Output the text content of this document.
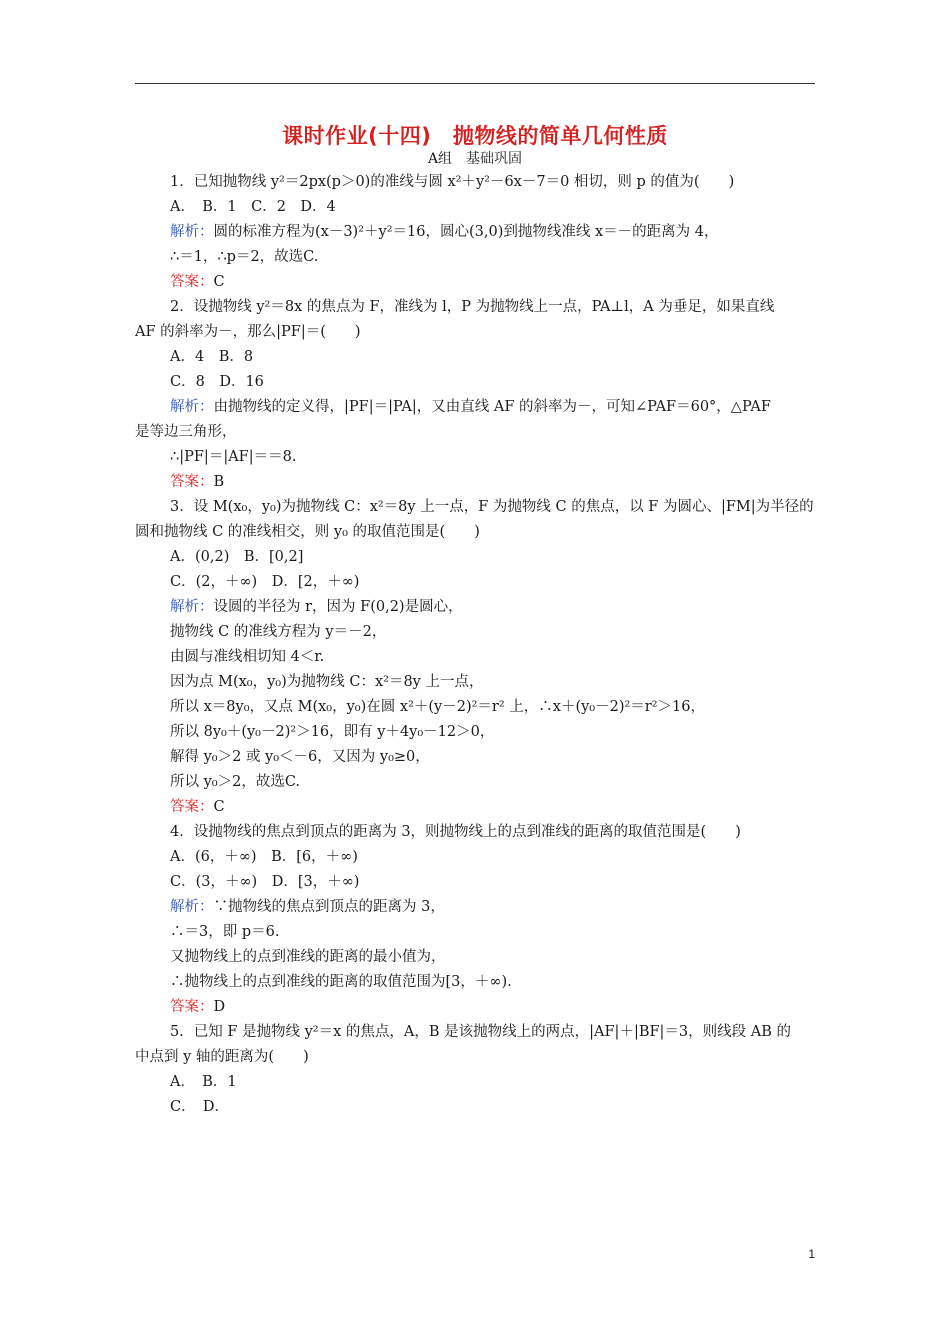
课时作业(十四)　抛物线的简单几何性质
A组　基础巩固
1．已知抛物线 y²＝2px(p＞0)的准线与圆 x²＋y²－6x－7＝0 相切，则 p 的值为(　　)
A．　B．1　C．2　D．4
解析：圆的标准方程为(x－3)²＋y²＝16，圆心(3,0)到抛物线准线 x＝－的距离为 4，
∴＝1，∴p＝2，故选C.
答案：C
2．设抛物线 y²＝8x 的焦点为 F，准线为 l，P 为抛物线上一点，PA⊥l，A 为垂足，如果直线
AF 的斜率为－，那么|PF|＝(　　)
A．4　B．8
C．8　D．16
解析：由抛物线的定义得，|PF|＝|PA|，又由直线 AF 的斜率为－，可知∠PAF＝60°，△PAF
是等边三角形，
∴|PF|＝|AF|＝＝8.
答案：B
3．设 M(x₀，y₀)为抛物线 C：x²＝8y 上一点，F 为抛物线 C 的焦点，以 F 为圆心、|FM|为半径的
圆和抛物线 C 的准线相交，则 y₀ 的取值范围是(　　)
A．(0,2)　B．[0,2]
C．(2，＋∞)　D．[2，＋∞)
解析：设圆的半径为 r，因为 F(0,2)是圆心，
抛物线 C 的准线方程为 y＝－2，
由圆与准线相切知 4＜r.
因为点 M(x₀，y₀)为抛物线 C：x²＝8y 上一点，
所以 x＝8y₀，又点 M(x₀，y₀)在圆 x²＋(y－2)²＝r² 上，∴x＋(y₀－2)²＝r²＞16，
所以 8y₀＋(y₀－2)²＞16，即有 y＋4y₀－12＞0，
解得 y₀＞2 或 y₀＜－6，又因为 y₀≥0，
所以 y₀＞2，故选C.
答案：C
4．设抛物线的焦点到顶点的距离为 3，则抛物线上的点到准线的距离的取值范围是(　　)
A．(6，＋∞)　B．[6，＋∞)
C．(3，＋∞)　D．[3，＋∞)
解析：∵抛物线的焦点到顶点的距离为 3，
∴＝3，即 p＝6.
又抛物线上的点到准线的距离的最小值为，
∴抛物线上的点到准线的距离的取值范围为[3，＋∞).
答案：D
5．已知 F 是抛物线 y²＝x 的焦点，A，B 是该抛物线上的两点，|AF|＋|BF|＝3，则线段 AB 的
中点到 y 轴的距离为(　　)
A．　B．1
C．　D．
1
